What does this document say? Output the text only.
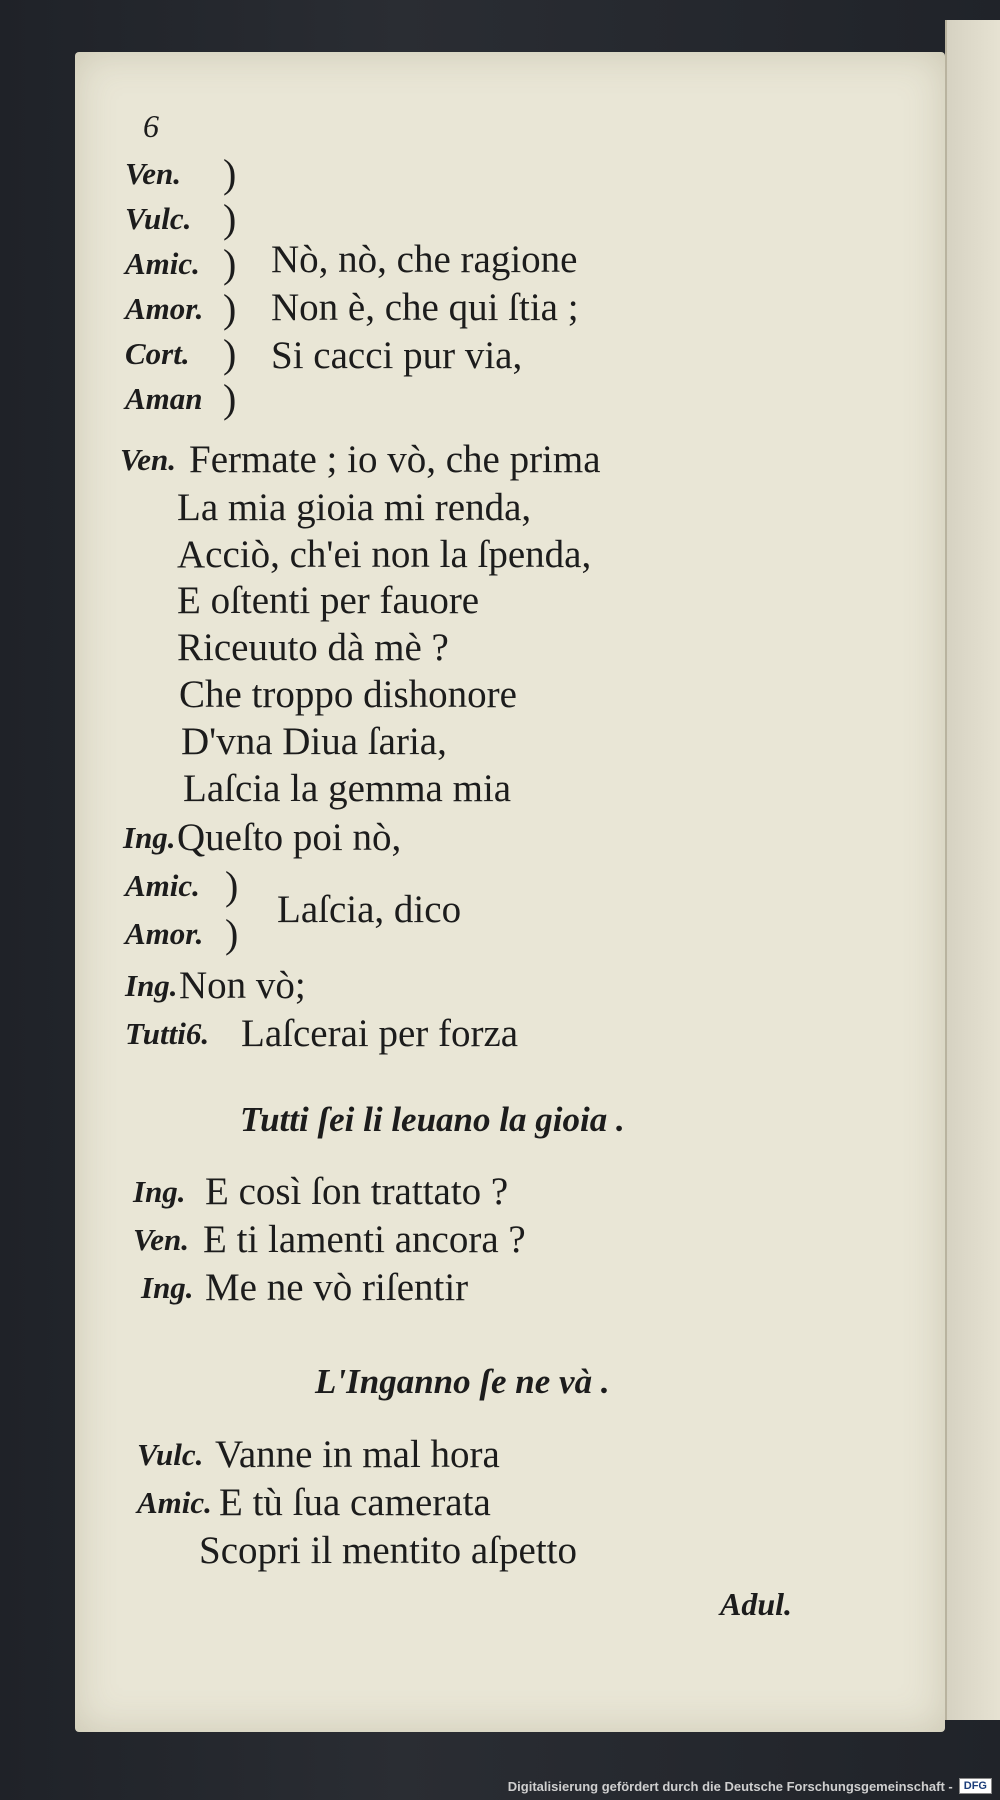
6
Ven.
Vulc.
Amic.
Amor.
Cort.
Aman
)
)
)
)
)
)
Nò, nò, che ragione
Non è, che qui ſtia ;
Si cacci pur via,
Ven. Fermate ; io vò, che prima
La mia gioia mi renda,
Acciò, ch'ei non la ſpenda,
E oſtenti per fauore
Riceuuto dà mè ?
Che troppo dishonore
D'vna Diua ſaria,
Laſcia la gemma mia
Ing. Queſto poi nò,
Amic.
Amor.
)
)
Laſcia, dico
Ing. Non vò;
Tutti6. Laſcerai per forza
Tutti ſei li leuano la gioia .
Ing. E così ſon trattato ?
Ven. E ti lamenti ancora ?
Ing. Me ne vò riſentir
L'Inganno ſe ne và .
Vulc. Vanne in mal hora
Amic. E tù ſua camerata
Scopri il mentito aſpetto
Adul.
Digitalisierung gefördert durch die Deutsche Forschungsgemeinschaft -	DFG
